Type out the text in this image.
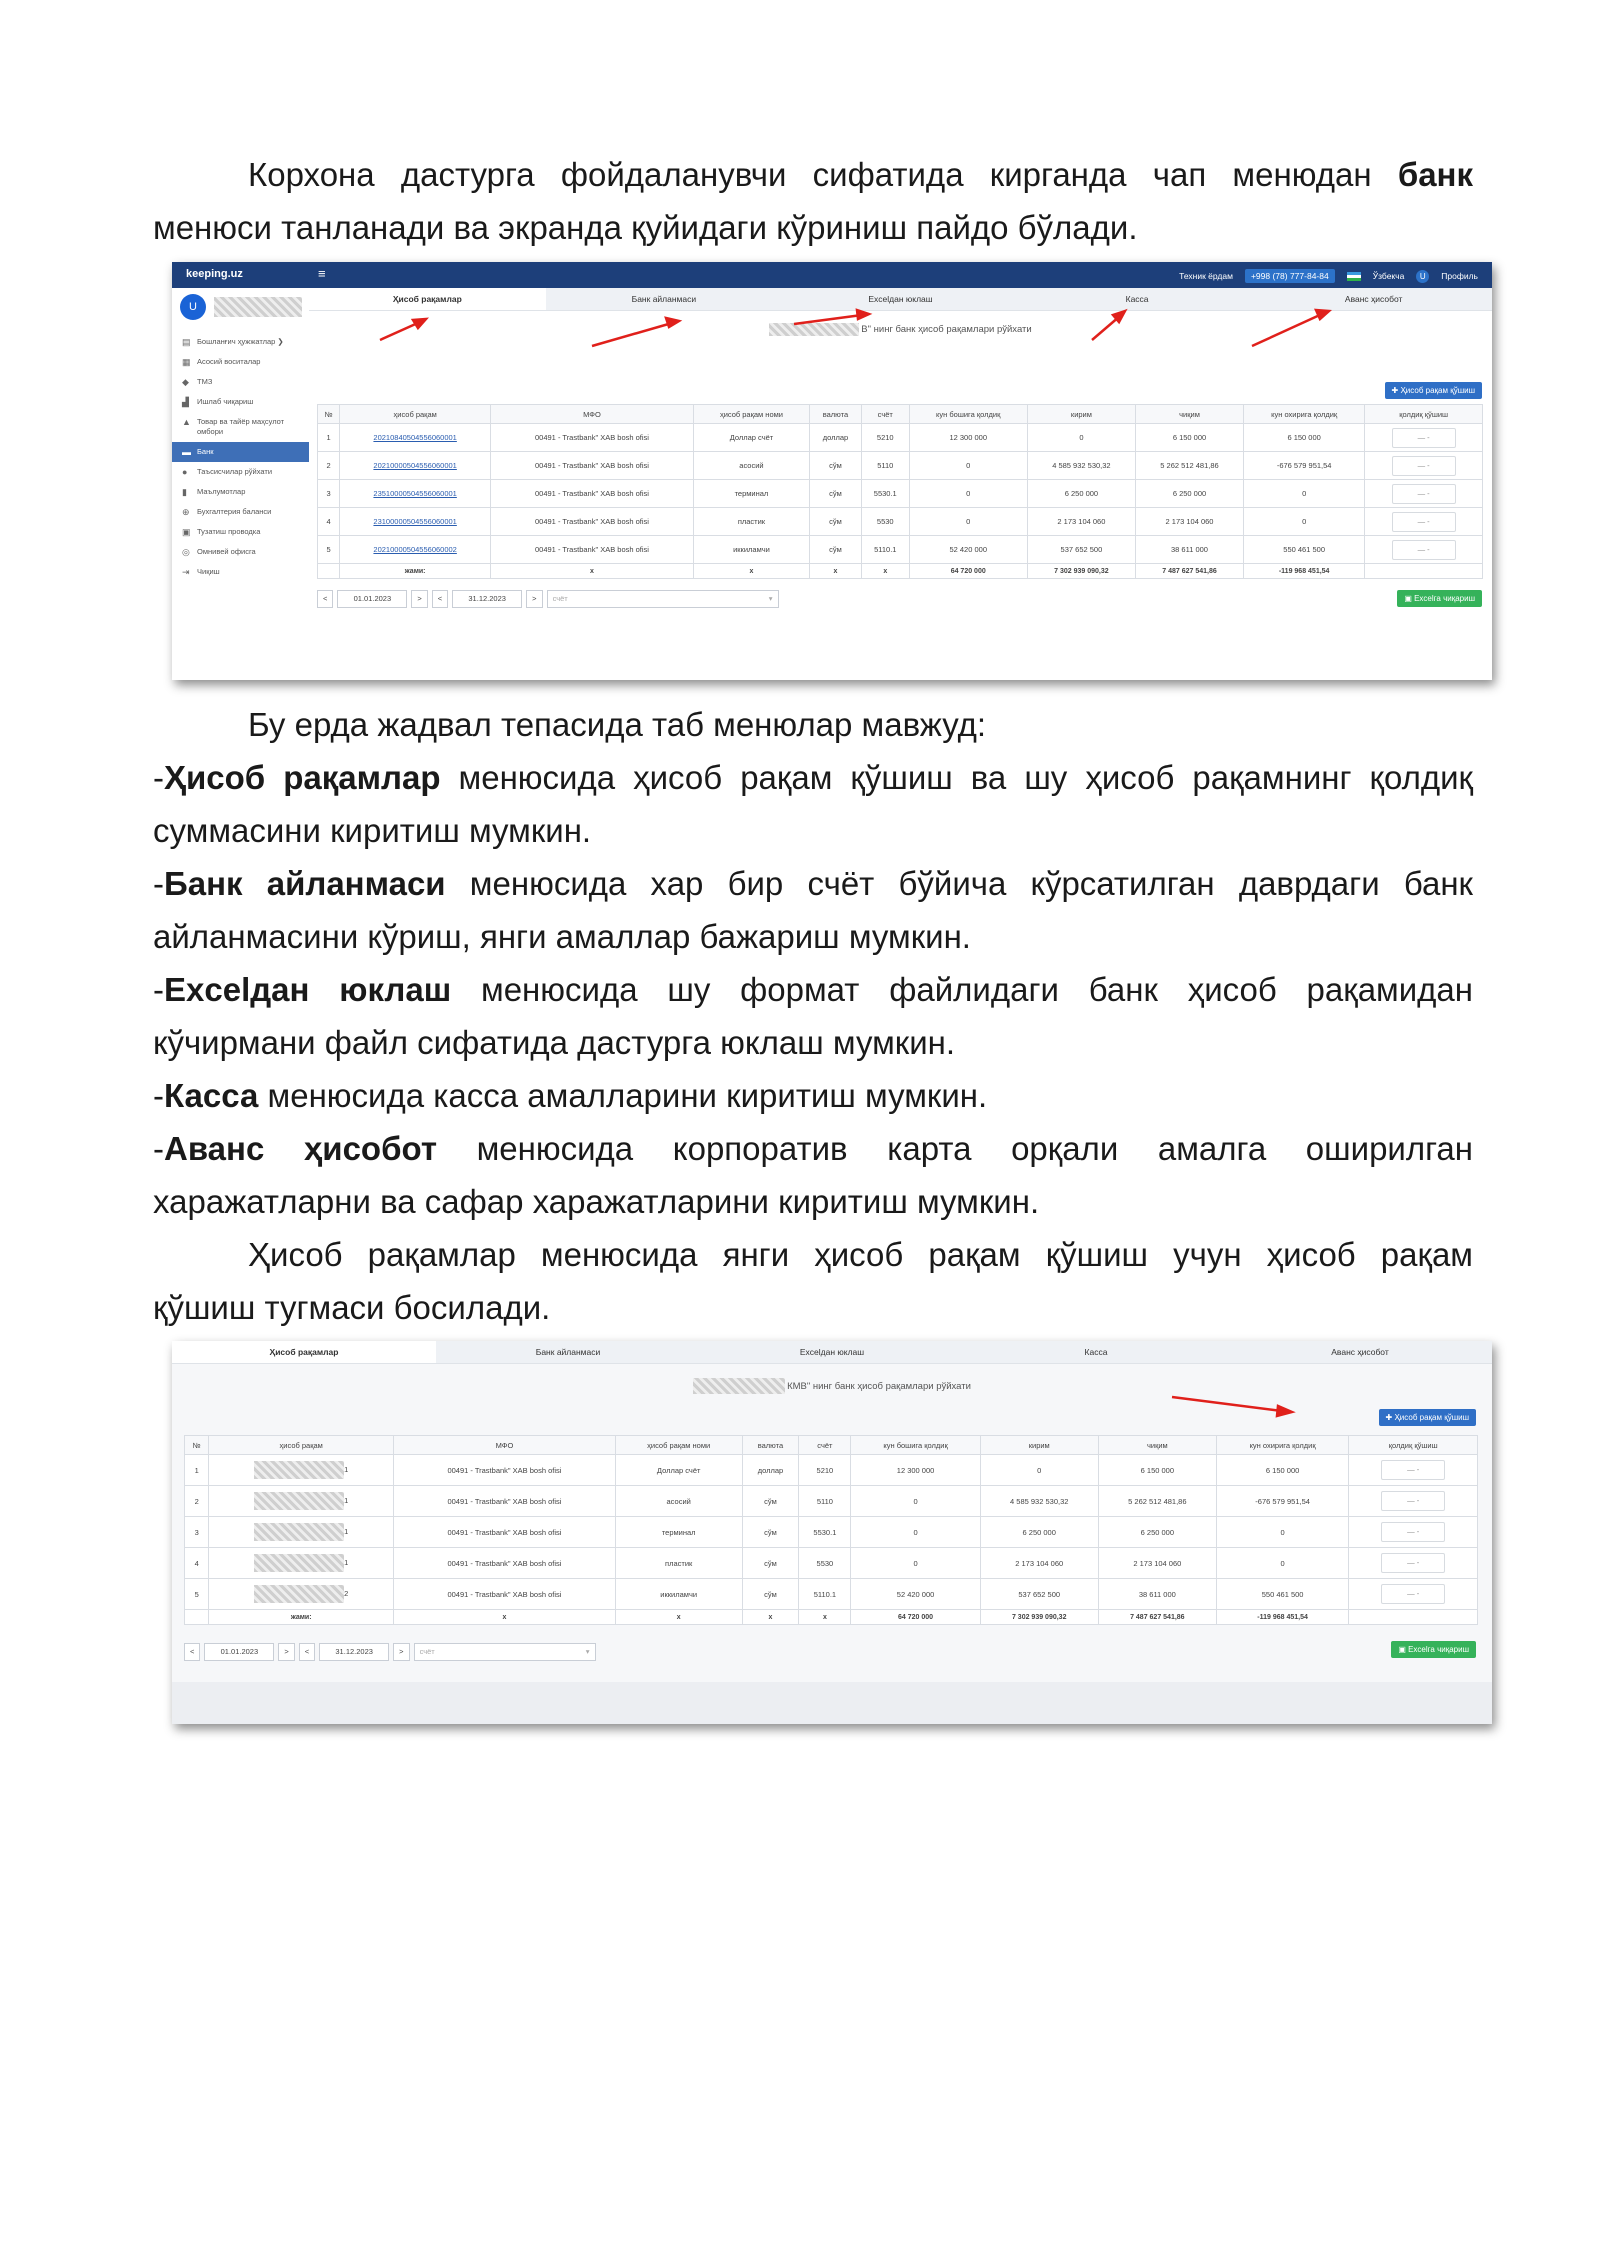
Корхона дастурга фойдаланувчи сифатида кирганда чап менюдан банк

менюси танланади ва экранда қуйидаги кўриниш пайдо бўлади.

keeping.uz	≡	Техник ёрдам	+998 (78) 777-84-84	Ўзбекча	U	Профиль
U
▤ Бошланғич ҳужжатлар ❯
▦ Асосий воситалар
◆ ТМЗ
▟ Ишлаб чиқариш
▲ Товар ва тайёр маҳсулот омбори
▬ Банк
●	Таъсисчилар рўйхати
▮	Маълумотлар
⊕ Бухгалтерия баланси
▣ Тузатиш проводка
◎ Омнивей офисга
⇥ Чиқиш
Ҳисоб рақамлар	Банк айланмаси	Excelдан юклаш	Касса	Аванс ҳисобот
В" нинг банк ҳисоб рақамлари рўйхати
✚ Ҳисоб рақам қўшиш
№	ҳисоб рақам	МФО	ҳисоб рақам номи	валюта	счёт	кун бошига қолдиқ	кирим	чиқим	кун охирига қолдиқ	қолдиқ қўшиш
1	20210840504556060001	00491 - Trastbank" XAB bosh ofisi	Доллар счёт	доллар	5210	12 300 000	0	6 150 000	6 150 000	— -
2	20210000504556060001	00491 - Trastbank" XAB bosh ofisi	асосий	сўм	5110	0	4 585 932 530,32	5 262 512 481,86	-676 579 951,54	— -
3	23510000504556060001	00491 - Trastbank" XAB bosh ofisi	терминал	сўм	5530.1	0	6 250 000	6 250 000	0	— -
4	23100000504556060001	00491 - Trastbank" XAB bosh ofisi	пластик	сўм	5530	0	2 173 104 060	2 173 104 060	0	— -
5	20210000504556060002	00491 - Trastbank" XAB bosh ofisi	иккиламчи	сўм	5110.1	52 420 000	537 652 500	38 611 000	550 461 500	— -
	жами:	x	x	x	x	64 720 000	7 302 939 090,32	7 487 627 541,86	-119 968 451,54	
<	01.01.2023	>	<	31.12.2023	>	счёт	▾	▣ Excelга чиқариш

Бу ерда жадвал тепасида таб менюлар мавжуд:

-Ҳисоб рақамлар менюсида ҳисоб рақам қўшиш ва шу ҳисоб рақамнинг қолдиқ

суммасини киритиш мумкин.

-Банк айланмаси менюсида хар бир счёт бўйича кўрсатилган даврдаги банк

айланмасини кўриш, янги амаллар бажариш мумкин.

-Excelдан юклаш менюсида шу формат файлидаги банк ҳисоб рақамидан

кўчирмани файл сифатида дастурга юклаш мумкин.

-Касса менюсида касса амалларини киритиш мумкин.

-Аванс ҳисобот менюсида корпоратив карта орқали амалга оширилган

харажатларни ва сафар харажатларини киритиш мумкин.

Ҳисоб рақамлар менюсида янги ҳисоб рақам қўшиш учун ҳисоб рақам

қўшиш тугмаси босилади.

Ҳисоб рақамлар	Банк айланмаси	Excelдан юклаш	Касса	Аванс ҳисобот
КМВ" нинг банк ҳисоб рақамлари рўйхати
✚ Ҳисоб рақам қўшиш
№	ҳисоб рақам	МФО	ҳисоб рақам номи	валюта	счёт	кун бошига қолдиқ	кирим	чиқим	кун охирига қолдиқ	қолдиқ қўшиш
1	1	00491 - Trastbank" XAB bosh ofisi	Доллар счёт	доллар	5210	12 300 000	0	6 150 000	6 150 000	— -
2	1	00491 - Trastbank" XAB bosh ofisi	асосий	сўм	5110	0	4 585 932 530,32	5 262 512 481,86	-676 579 951,54	— -
3	1	00491 - Trastbank" XAB bosh ofisi	терминал	сўм	5530.1	0	6 250 000	6 250 000	0	— -
4	1	00491 - Trastbank" XAB bosh ofisi	пластик	сўм	5530	0	2 173 104 060	2 173 104 060	0	— -
5	2	00491 - Trastbank" XAB bosh ofisi	иккиламчи	сўм	5110.1	52 420 000	537 652 500	38 611 000	550 461 500	— -
	жами:	x	x	x	x	64 720 000	7 302 939 090,32	7 487 627 541,86	-119 968 451,54	
<	01.01.2023	>	<	31.12.2023	>	счёт	▾	▣ Excelга чиқариш
